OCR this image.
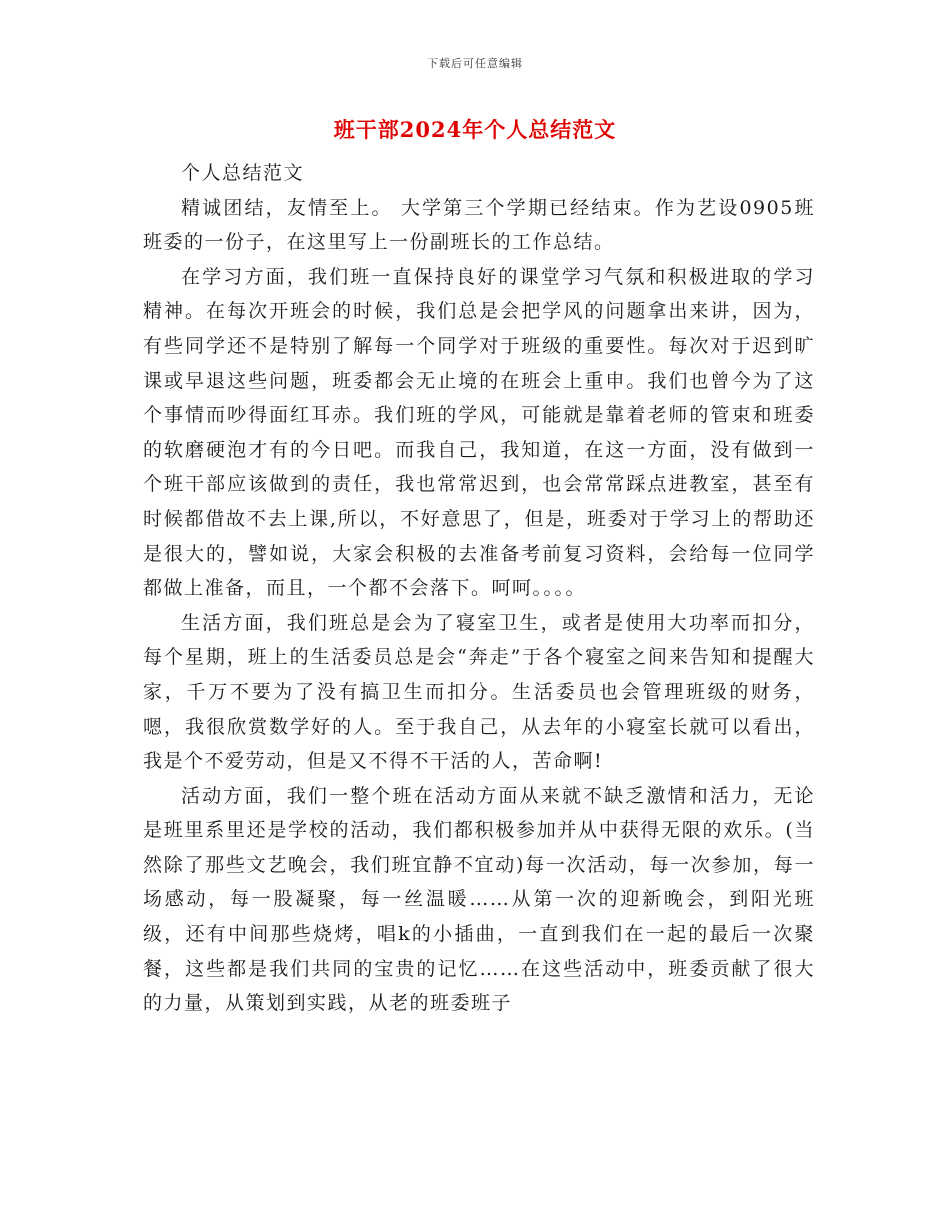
下载后可任意编辑
班干部2024年个人总结范文

个人总结范文

精诚团结，友情至上。 大学第三个学期已经结束。作为艺设0905班班委的一份子，在这里写上一份副班长的工作总结。

在学习方面，我们班一直保持良好的课堂学习气氛和积极进取的学习精神。在每次开班会的时候，我们总是会把学风的问题拿出来讲，因为，有些同学还不是特别了解每一个同学对于班级的重要性。每次对于迟到旷课或早退这些问题，班委都会无止境的在班会上重申。我们也曾今为了这个事情而吵得面红耳赤。我们班的学风，可能就是靠着老师的管束和班委的软磨硬泡才有的今日吧。而我自己，我知道，在这一方面，没有做到一个班干部应该做到的责任，我也常常迟到，也会常常踩点进教室，甚至有时候都借故不去上课,所以，不好意思了，但是，班委对于学习上的帮助还是很大的，譬如说，大家会积极的去准备考前复习资料，会给每一位同学都做上准备，而且，一个都不会落下。呵呵。。。。

生活方面，我们班总是会为了寝室卫生，或者是使用大功率而扣分，每个星期，班上的生活委员总是会“奔走”于各个寝室之间来告知和提醒大家，千万不要为了没有搞卫生而扣分。生活委员也会管理班级的财务，嗯，我很欣赏数学好的人。至于我自己，从去年的小寝室长就可以看出，我是个不爱劳动，但是又不得不干活的人，苦命啊!

活动方面，我们一整个班在活动方面从来就不缺乏激情和活力，无论是班里系里还是学校的活动，我们都积极参加并从中获得无限的欢乐。(当然除了那些文艺晚会，我们班宜静不宜动)每一次活动，每一次参加，每一场感动，每一股凝聚，每一丝温暖……从第一次的迎新晚会，到阳光班级，还有中间那些烧烤，唱k的小插曲，一直到我们在一起的最后一次聚餐，这些都是我们共同的宝贵的记忆……在这些活动中，班委贡献了很大的力量，从策划到实践，从老的班委班子
